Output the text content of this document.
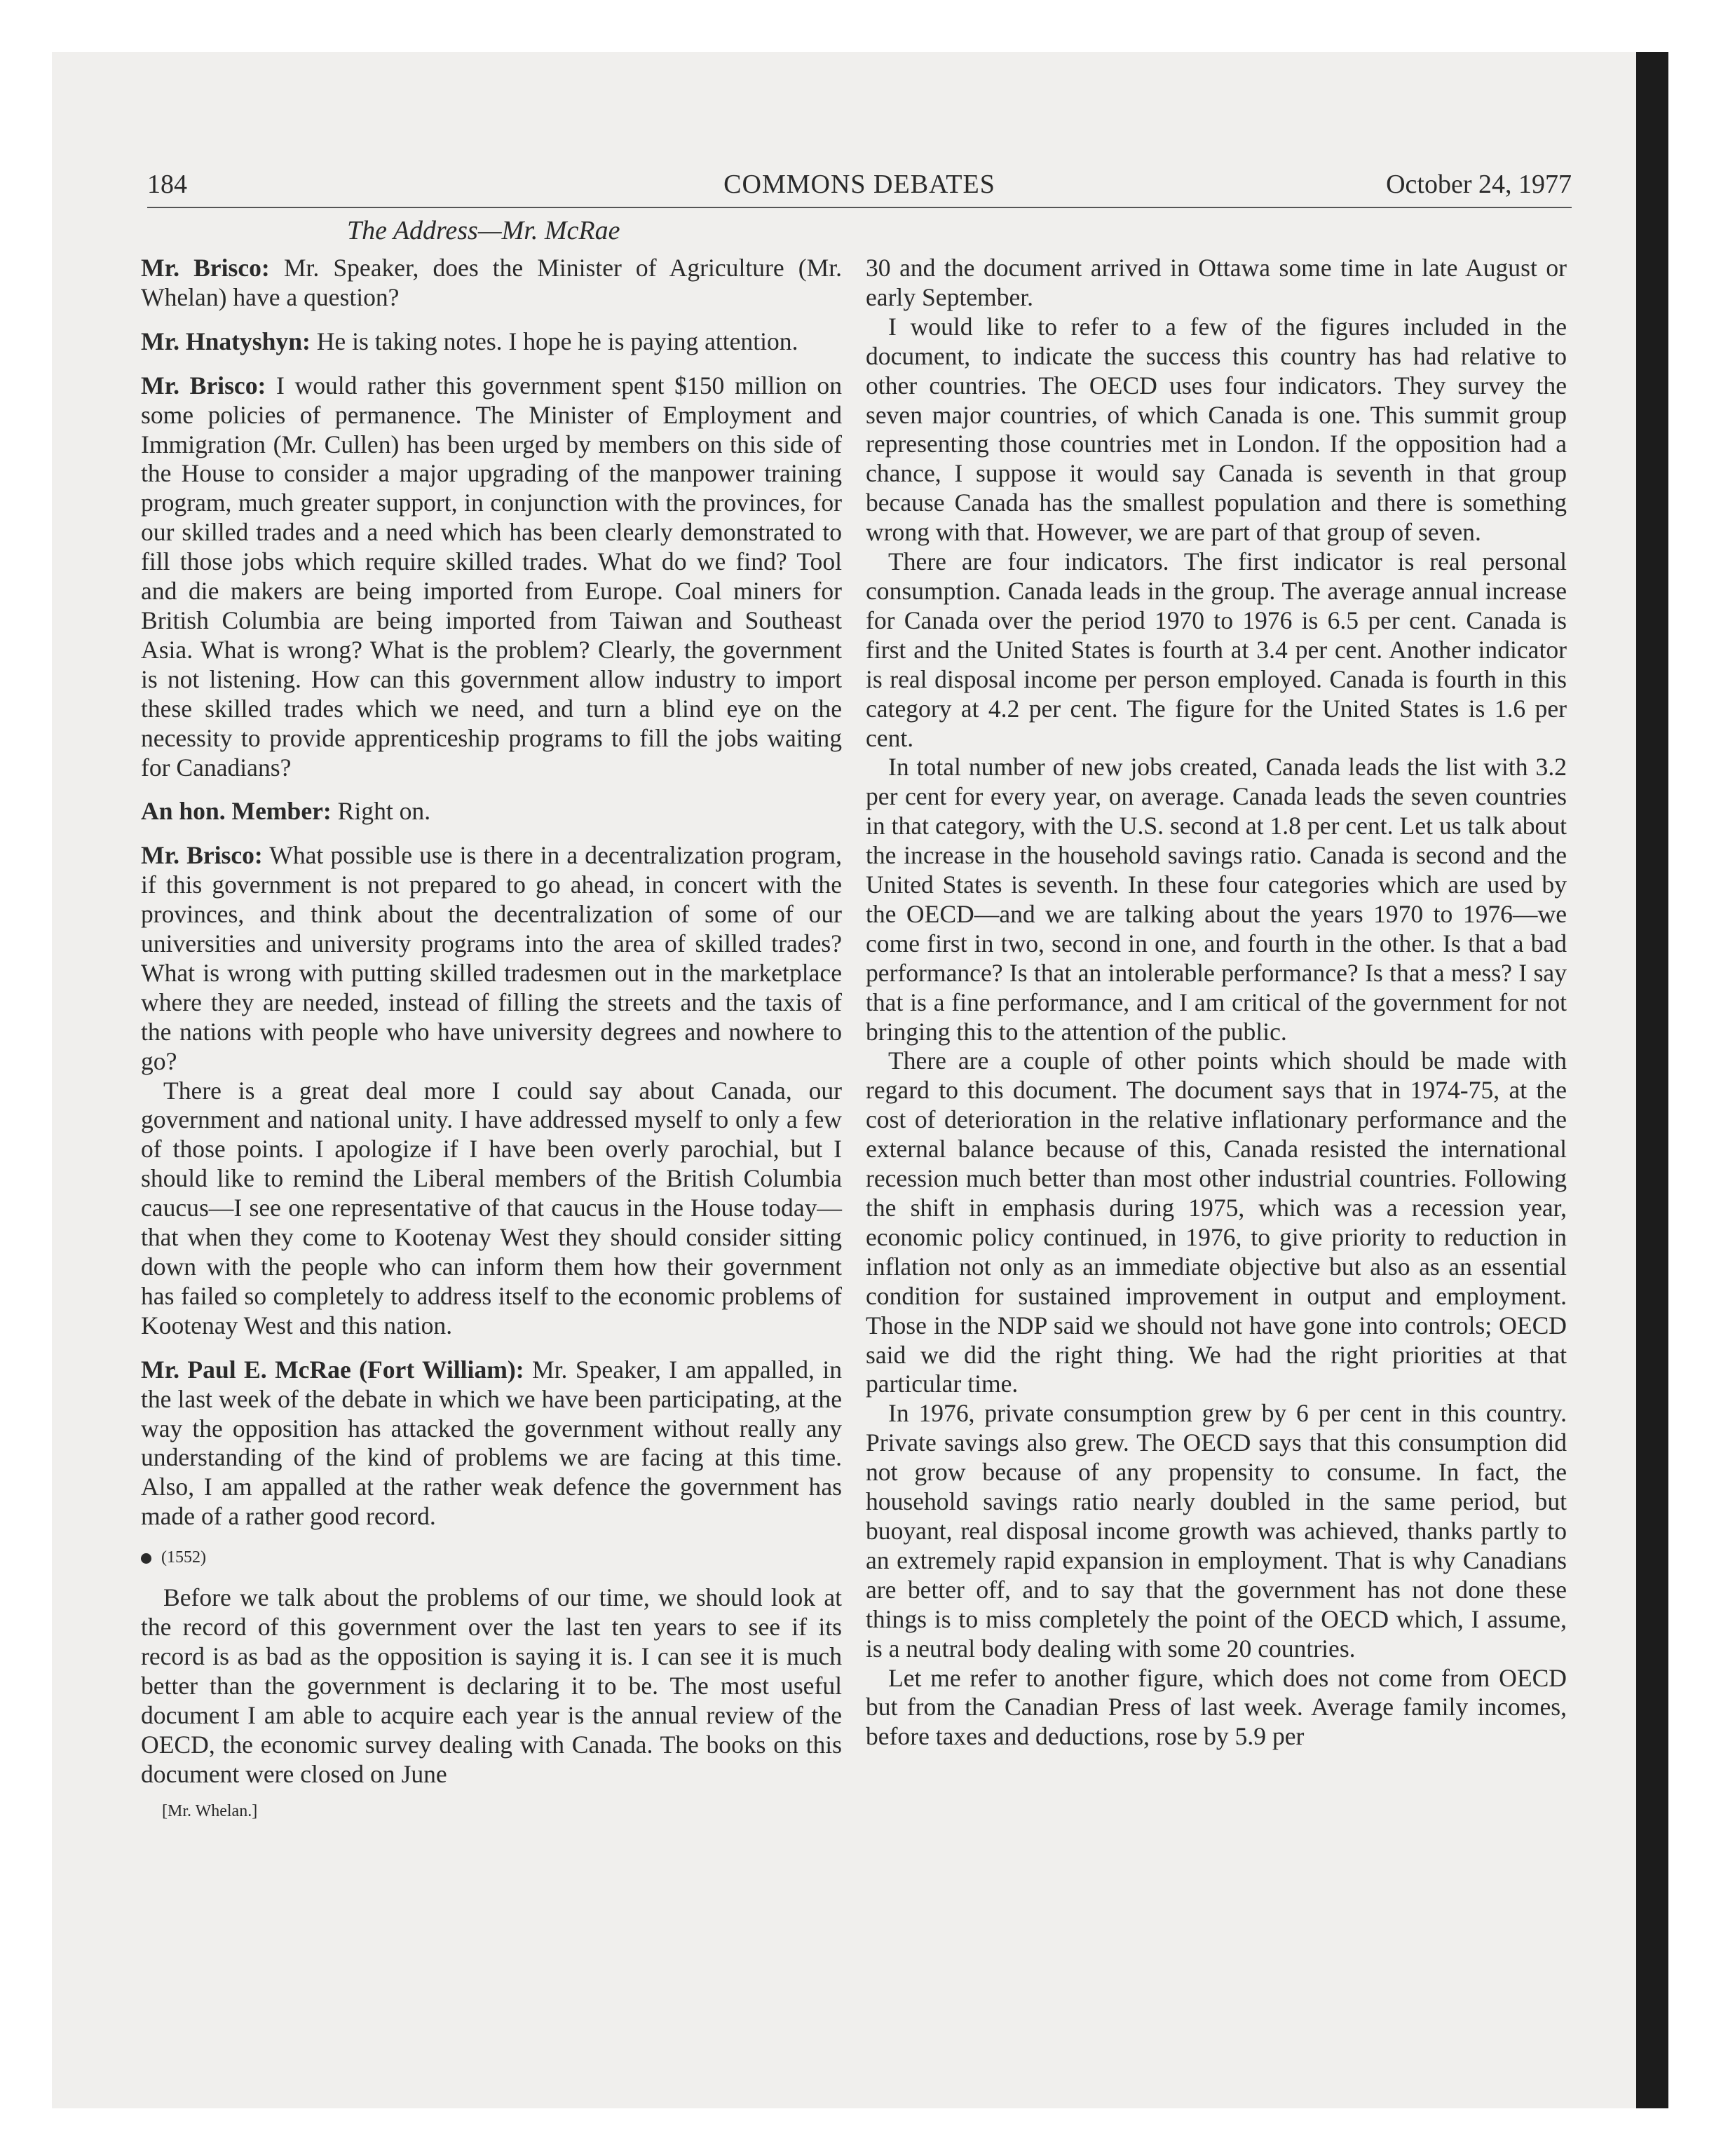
184	COMMONS DEBATES	October 24, 1977
The Address—Mr. McRae

Mr. Brisco: Mr. Speaker, does the Minister of Agriculture (Mr. Whelan) have a question?

Mr. Hnatyshyn: He is taking notes. I hope he is paying attention.

Mr. Brisco: I would rather this government spent $150 million on some policies of permanence. The Minister of Employment and Immigration (Mr. Cullen) has been urged by members on this side of the House to consider a major upgrading of the manpower training program, much greater support, in conjunction with the provinces, for our skilled trades and a need which has been clearly demonstrated to fill those jobs which require skilled trades. What do we find? Tool and die makers are being imported from Europe. Coal miners for British Columbia are being imported from Taiwan and Southeast Asia. What is wrong? What is the problem? Clearly, the government is not listening. How can this government allow industry to import these skilled trades which we need, and turn a blind eye on the necessity to provide apprenticeship programs to fill the jobs waiting for Canadians?

An hon. Member: Right on.

Mr. Brisco: What possible use is there in a decentralization program, if this government is not prepared to go ahead, in concert with the provinces, and think about the decentralization of some of our universities and university programs into the area of skilled trades? What is wrong with putting skilled tradesmen out in the marketplace where they are needed, instead of filling the streets and the taxis of the nations with people who have university degrees and nowhere to go?

There is a great deal more I could say about Canada, our government and national unity. I have addressed myself to only a few of those points. I apologize if I have been overly parochial, but I should like to remind the Liberal members of the British Columbia caucus—I see one representative of that caucus in the House today—that when they come to Kootenay West they should consider sitting down with the people who can inform them how their government has failed so completely to address itself to the economic problems of Kootenay West and this nation.

Mr. Paul E. McRae (Fort William): Mr. Speaker, I am appalled, in the last week of the debate in which we have been participating, at the way the opposition has attacked the government without really any understanding of the kind of problems we are facing at this time. Also, I am appalled at the rather weak defence the government has made of a rather good record.

(1552)

Before we talk about the problems of our time, we should look at the record of this government over the last ten years to see if its record is as bad as the opposition is saying it is. I can see it is much better than the government is declaring it to be. The most useful document I am able to acquire each year is the annual review of the OECD, the economic survey dealing with Canada. The books on this document were closed on June

[Mr. Whelan.]

30 and the document arrived in Ottawa some time in late August or early September.

I would like to refer to a few of the figures included in the document, to indicate the success this country has had relative to other countries. The OECD uses four indicators. They survey the seven major countries, of which Canada is one. This summit group representing those countries met in London. If the opposition had a chance, I suppose it would say Canada is seventh in that group because Canada has the smallest population and there is something wrong with that. However, we are part of that group of seven.

There are four indicators. The first indicator is real personal consumption. Canada leads in the group. The average annual increase for Canada over the period 1970 to 1976 is 6.5 per cent. Canada is first and the United States is fourth at 3.4 per cent. Another indicator is real disposal income per person employed. Canada is fourth in this category at 4.2 per cent. The figure for the United States is 1.6 per cent.

In total number of new jobs created, Canada leads the list with 3.2 per cent for every year, on average. Canada leads the seven countries in that category, with the U.S. second at 1.8 per cent. Let us talk about the increase in the household savings ratio. Canada is second and the United States is seventh. In these four categories which are used by the OECD—and we are talking about the years 1970 to 1976—we come first in two, second in one, and fourth in the other. Is that a bad performance? Is that an intolerable performance? Is that a mess? I say that is a fine performance, and I am critical of the government for not bringing this to the attention of the public.

There are a couple of other points which should be made with regard to this document. The document says that in 1974-75, at the cost of deterioration in the relative inflationary performance and the external balance because of this, Canada resisted the international recession much better than most other industrial countries. Following the shift in emphasis during 1975, which was a recession year, economic policy continued, in 1976, to give priority to reduction in inflation not only as an immediate objective but also as an essential condition for sustained improvement in output and employment. Those in the NDP said we should not have gone into controls; OECD said we did the right thing. We had the right priorities at that particular time.

In 1976, private consumption grew by 6 per cent in this country. Private savings also grew. The OECD says that this consumption did not grow because of any propensity to consume. In fact, the household savings ratio nearly doubled in the same period, but buoyant, real disposal income growth was achieved, thanks partly to an extremely rapid expansion in employment. That is why Canadians are better off, and to say that the government has not done these things is to miss completely the point of the OECD which, I assume, is a neutral body dealing with some 20 countries.

Let me refer to another figure, which does not come from OECD but from the Canadian Press of last week. Average family incomes, before taxes and deductions, rose by 5.9 per
